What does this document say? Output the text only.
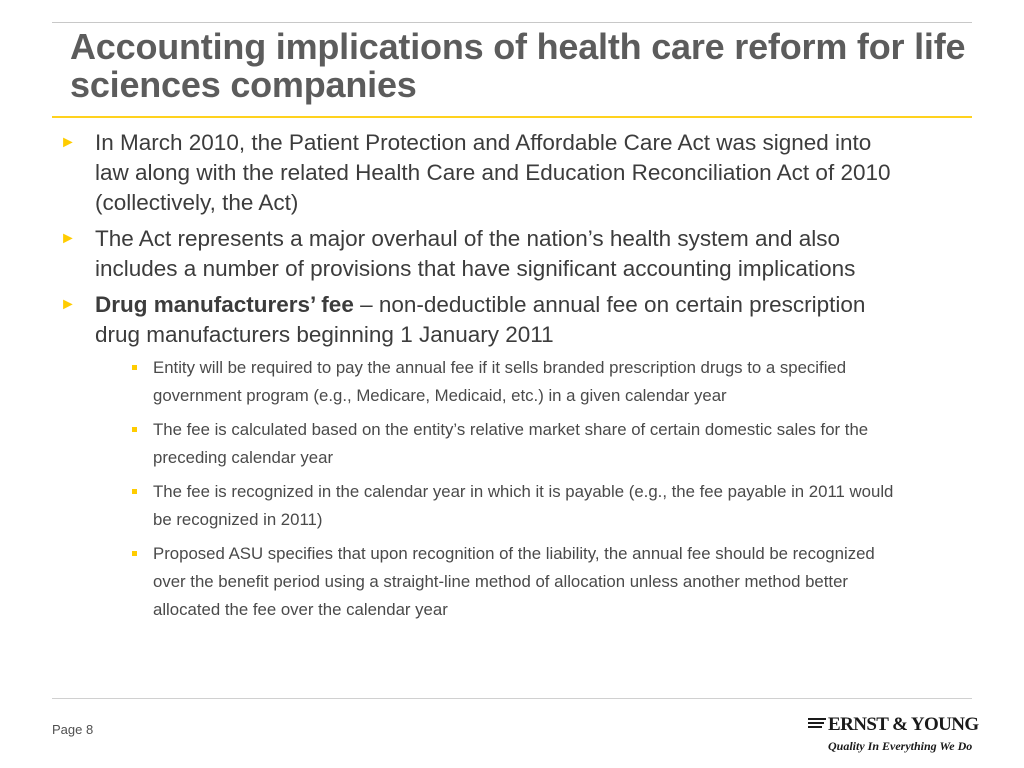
Accounting implications of health care reform for life sciences companies
► In March 2010, the Patient Protection and Affordable Care Act was signed into law along with the related Health Care and Education Reconciliation Act of 2010 (collectively, the Act)
► The Act represents a major overhaul of the nation’s health system and also includes a number of provisions that have significant accounting implications
► Drug manufacturers’ fee – non-deductible annual fee on certain prescription drug manufacturers beginning 1 January 2011
Entity will be required to pay the annual fee if it sells branded prescription drugs to a specified government program (e.g., Medicare, Medicaid, etc.) in a given calendar year
The fee is calculated based on the entity’s relative market share of certain domestic sales for the preceding calendar year
The fee is recognized in the calendar year in which it is payable (e.g., the fee payable in 2011 would be recognized in 2011)
Proposed ASU specifies that upon recognition of the liability, the annual fee should be recognized over the benefit period using a straight-line method of allocation unless another method better allocated the fee over the calendar year
Page 8	ERNST & YOUNG
Quality In Everything We Do
